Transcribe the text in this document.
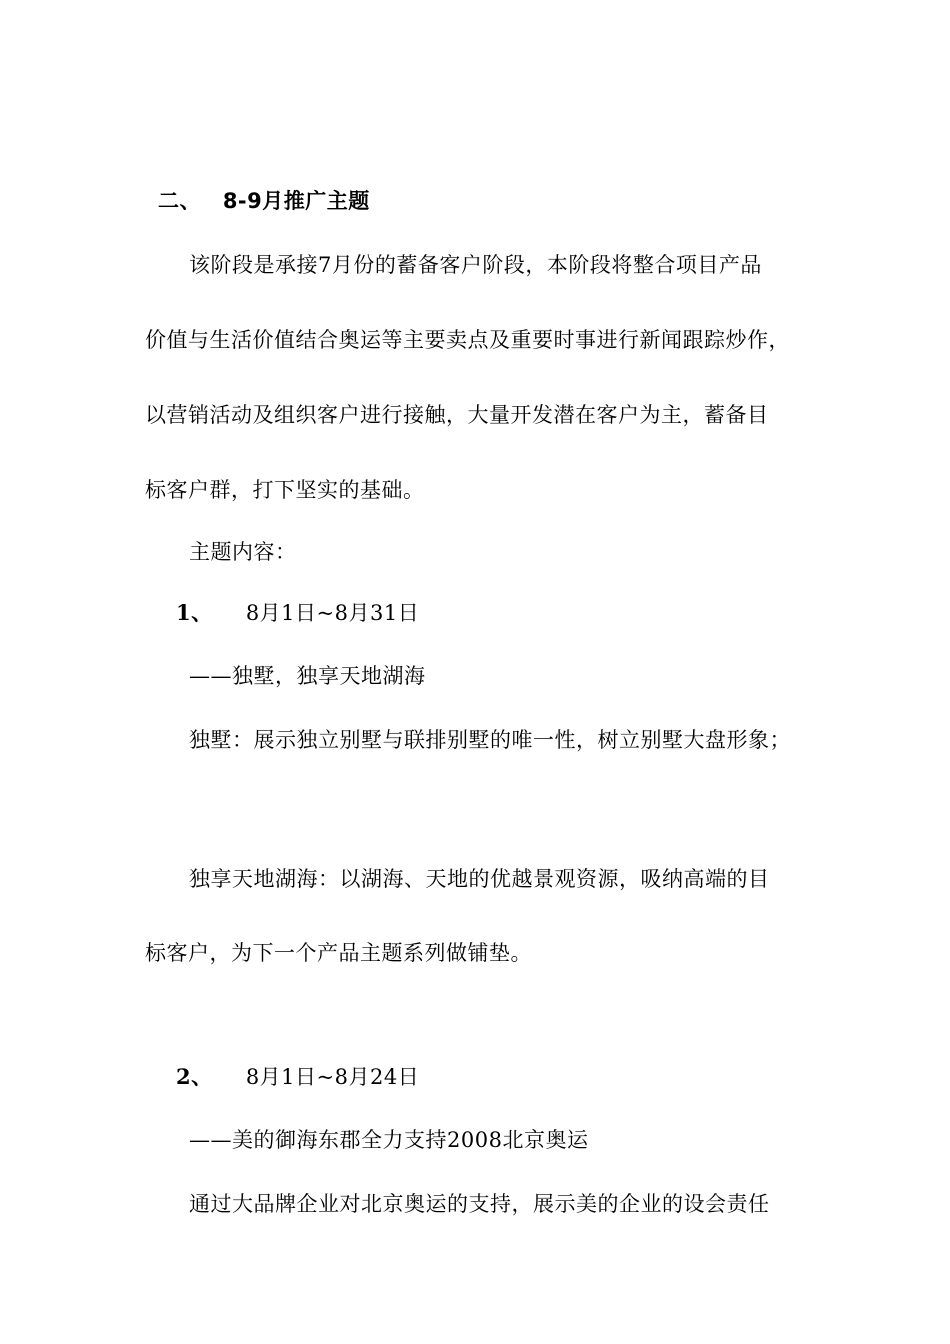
二、 8-9月推广主题
该阶段是承接7月份的蓄备客户阶段，本阶段将整合项目产品
价值与生活价值结合奥运等主要卖点及重要时事进行新闻跟踪炒作，
以营销活动及组织客户进行接触，大量开发潜在客户为主，蓄备目
标客户群，打下坚实的基础。
主题内容：
1、 8月1日~8月31日
——独墅，独享天地湖海
独墅：展示独立别墅与联排别墅的唯一性，树立别墅大盘形象；
独享天地湖海：以湖海、天地的优越景观资源，吸纳高端的目
标客户，为下一个产品主题系列做铺垫。
2、 8月1日~8月24日
——美的御海东郡全力支持2008北京奥运
通过大品牌企业对北京奥运的支持，展示美的企业的设会责任
